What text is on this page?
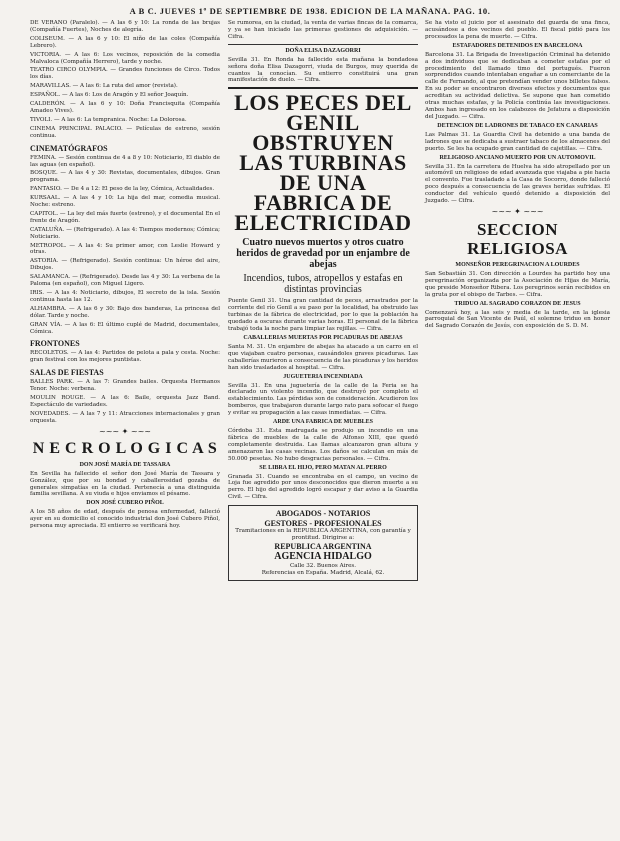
A B C. JUEVES 1º DE SEPTIEMBRE DE 1938. EDICION DE LA MAÑANA. PAG. 10.

DE VERANO (Paralelo). — A las 6 y 10: La ronda de las brujas (Compañía Fuertes), Noches de alegría.

COLISEUM. — A las 6 y 10: El niño de las coles (Compañía Lebrero).

VICTORIA. — A las 6: Los vecinos, reposición de la comedia Malvaloca (Compañía Herrero), tarde y noche.

TEATRO CIRCO OLYMPIA. — Grandes funciones de Circo. Todos los días.

MARAVILLAS. — A las 6: La ruta del amor (revista).

ESPAÑOL. — A las 6: Los de Aragón y El señor Joaquín.

CALDERÓN. — A las 6 y 10: Doña Francisquita (Compañía Amadeo Vives).

TIVOLI. — A las 6: La tempranica. Noche: La Dolorosa.

CINEMA PRINCIPAL PALACIO. — Películas de estreno, sesión continua.

CINEMATÓGRAFOS

FEMINA. — Sesión continua de 4 a 8 y 10: Noticiario, El diablo de las aguas (en español).

BOSQUE. — A las 4 y 30: Revistas, documentales, dibujos. Gran programa.

FANTASIO. — De 4 a 12: El peso de la ley, Cómica, Actualidades.

KURSAAL. — A las 4 y 10: La hija del mar, comedia musical. Noche: estreno.

CAPITOL. — La ley del más fuerte (estreno), y el documental En el frente de Aragón.

CATALUÑA. — (Refrigerado). A las 4: Tiempos modernos; Cómica; Noticiario.

METROPOL. — A las 4: Su primer amor, con Leslie Howard y otras.

ASTORIA. — (Refrigerado). Sesión continua: Un héroe del aire, Dibujos.

SALAMANCA. — (Refrigerado). Desde las 4 y 30: La verbena de la Paloma (en español), con Miguel Ligero.

IRIS. — A las 4: Noticiario, dibujos, El secreto de la isla. Sesión continua hasta las 12.

ALHAMBRA. — A las 6 y 30: Bajo dos banderas, La princesa del dólar. Tarde y noche.

GRAN VÍA. — A las 6: El último cuplé de Madrid, documentales, Cómica.

FRONTONES

RECOLETOS. — A las 4: Partidos de pelota a pala y cesta. Noche: gran festival con los mejores puntistas.

SALAS DE FIESTAS

BALLES PARK. — A las 7: Grandes bailes. Orquesta Hermanos Tenor. Noche: verbena.

MOULIN ROUGE. — A las 6: Baile, orquesta Jazz Band. Espectáculo de variedades.

NOVEDADES. — A las 7 y 11: Atracciones internacionales y gran orquesta.

~~~ ✦ ~~~
N E C R O L O G I C A S
DON JOSÉ MARÍA DE TASSARA

En Sevilla ha fallecido el señor don José María de Tassara y González, que por su bondad y caballerosidad gozaba de generales simpatías en la ciudad. Pertenecía a una distinguida familia sevillana. A su viuda e hijos enviamos el pésame.

DON JOSÉ CUBERO PIÑOL

A los 58 años de edad, después de penosa enfermedad, falleció ayer en su domicilio el conocido industrial don José Cubero Piñol, persona muy apreciada. El entierro se verificará hoy.

Se rumorea, en la ciudad, la venta de varias fincas de la comarca, y ya se han iniciado las primeras gestiones de adquisición. — Cifra.

DOÑA ELISA DAZAGORRI

Sevilla 31. En Ronda ha fallecido esta mañana la bondadosa señora doña Elisa Dazagorri, viuda de Burgos, muy querida de cuantos la conocían. Su entierro constituirá una gran manifestación de duelo. — Cifra.

LOS PECES DEL GENIL OBSTRUYEN LAS TURBINAS DE UNA FABRICA DE ELECTRICIDAD
Cuatro nuevos muertos y otros cuatro heridos de gravedad por un enjambre de abejas
Incendios, tubos, atropellos y estafas en distintas provincias

Puente Genil 31. Una gran cantidad de peces, arrastrados por la corriente del río Genil a su paso por la localidad, ha obstruido las turbinas de la fábrica de electricidad, por lo que la población ha quedado a oscuras durante varias horas. El personal de la fábrica trabajó toda la noche para limpiar las rejillas. — Cifra.

CABALLERIAS MUERTAS POR PICADURAS DE ABEJAS

Santa M. 31. Un enjambre de abejas ha atacado a un carro en el que viajaban cuatro personas, causándoles graves picaduras. Las caballerías murieron a consecuencia de las picaduras y los heridos han sido trasladados al hospital. — Cifra.

JUGUETERIA INCENDIADA

Sevilla 31. En una juguetería de la calle de la Feria se ha declarado un violento incendio, que destruyó por completo el establecimiento. Las pérdidas son de consideración. Acudieron los bomberos, que trabajaron durante largo rato para sofocar el fuego y evitar su propagación a las casas inmediatas. — Cifra.

ARDE UNA FABRICA DE MUEBLES

Córdoba 31. Esta madrugada se produjo un incendio en una fábrica de muebles de la calle de Alfonso XIII, que quedó completamente destruida. Las llamas alcanzaron gran altura y amenazaron las casas vecinas. Los daños se calculan en más de 50.000 pesetas. No hubo desgracias personales. — Cifra.

SE LIBRA EL HIJO, PERO MATAN AL PERRO

Granada 31. Cuando se encontraba en el campo, un vecino de Loja fue agredido por unos desconocidos que dieron muerte a su perro. El hijo del agredido logró escapar y dar aviso a la Guardia Civil. — Cifra.

ABOGADOS - NOTARIOS
GESTORES - PROFESIONALES
Tramitaciones en la REPUBLICA ARGENTINA, con garantía y prontitud. Dirigirse a:
REPUBLICA ARGENTINA
AGENCIA HIDALGO
Calle 32. Buenos Aires.
Referencias en España. Madrid, Alcalá, 62.

Se ha visto el juicio por el asesinato del guarda de una finca, acusándose a dos vecinos del pueblo. El fiscal pidió para los procesados la pena de muerte. — Cifra.

ESTAFADORES DETENIDOS EN BARCELONA

Barcelona 31. La Brigada de Investigación Criminal ha detenido a dos individuos que se dedicaban a cometer estafas por el procedimiento del llamado timo del portugués. Fueron sorprendidos cuando intentaban engañar a un comerciante de la calle de Fernando, al que pretendían vender unos billetes falsos. En su poder se encontraron diversos efectos y documentos que acreditan su actividad delictiva. Se supone que han cometido otras muchas estafas, y la Policía continúa las investigaciones. Ambos han ingresado en los calabozos de Jefatura a disposición del Juzgado. — Cifra.

DETENCION DE LADRONES DE TABACO EN CANARIAS

Las Palmas 31. La Guardia Civil ha detenido a una banda de ladrones que se dedicaba a sustraer tabaco de los almacenes del puerto. Se les ha ocupado gran cantidad de cajetillas. — Cifra.

RELIGIOSO ANCIANO MUERTO POR UN AUTOMOVIL

Sevilla 31. En la carretera de Huelva ha sido atropellado por un automóvil un religioso de edad avanzada que viajaba a pie hacia el convento. Fue trasladado a la Casa de Socorro, donde falleció poco después a consecuencia de las graves heridas sufridas. El conductor del vehículo quedó detenido a disposición del Juzgado. — Cifra.

~~~ ✦ ~~~
SECCION RELIGIOSA
MONSEÑOR PEREGRINACION A LOURDES

San Sebastián 31. Con dirección a Lourdes ha partido hoy una peregrinación organizada por la Asociación de Hijas de María, que preside Monseñor Ribera. Los peregrinos serán recibidos en la gruta por el obispo de Tarbes. — Cifra.

TRIDUO AL SAGRADO CORAZON DE JESUS

Comenzará hoy, a las seis y media de la tarde, en la iglesia parroquial de San Vicente de Paúl, el solemne triduo en honor del Sagrado Corazón de Jesús, con exposición de S. D. M.
